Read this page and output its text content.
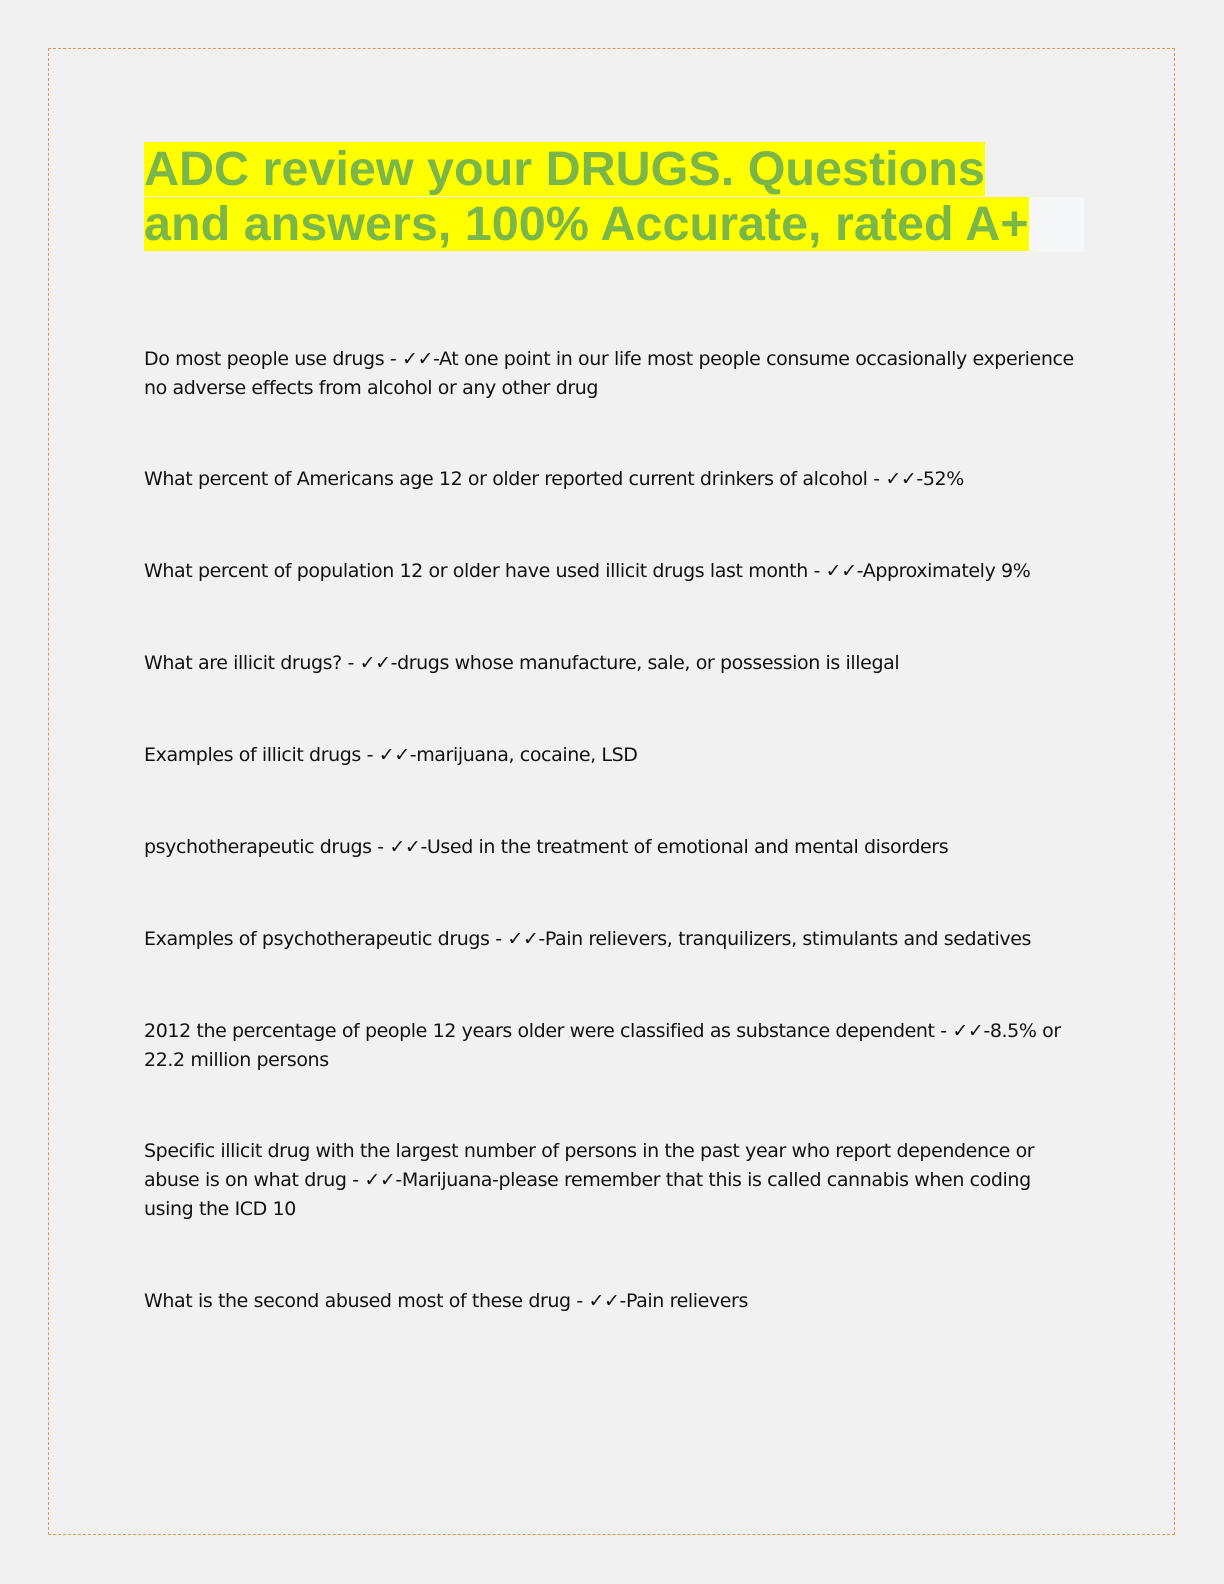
ADC review your DRUGS. Questions and answers, 100% Accurate, rated A+
Do most people use drugs - ✓✓-At one point in our life most people consume occasionally experience no adverse effects from alcohol or any other drug
What percent of Americans age 12 or older reported current drinkers of alcohol - ✓✓-52%
What percent of population 12 or older have used illicit drugs last month - ✓✓-Approximately 9%
What are illicit drugs? - ✓✓-drugs whose manufacture, sale, or possession is illegal
Examples of illicit drugs - ✓✓-marijuana, cocaine, LSD
psychotherapeutic drugs - ✓✓-Used in the treatment of emotional and mental disorders
Examples of psychotherapeutic drugs - ✓✓-Pain relievers, tranquilizers, stimulants and sedatives
2012 the percentage of people 12 years older were classified as substance dependent - ✓✓-8.5% or 22.2 million persons
Specific illicit drug with the largest number of persons in the past year who report dependence or abuse is on what drug - ✓✓-Marijuana-please remember that this is called cannabis when coding using the ICD 10
What is the second abused most of these drug - ✓✓-Pain relievers
